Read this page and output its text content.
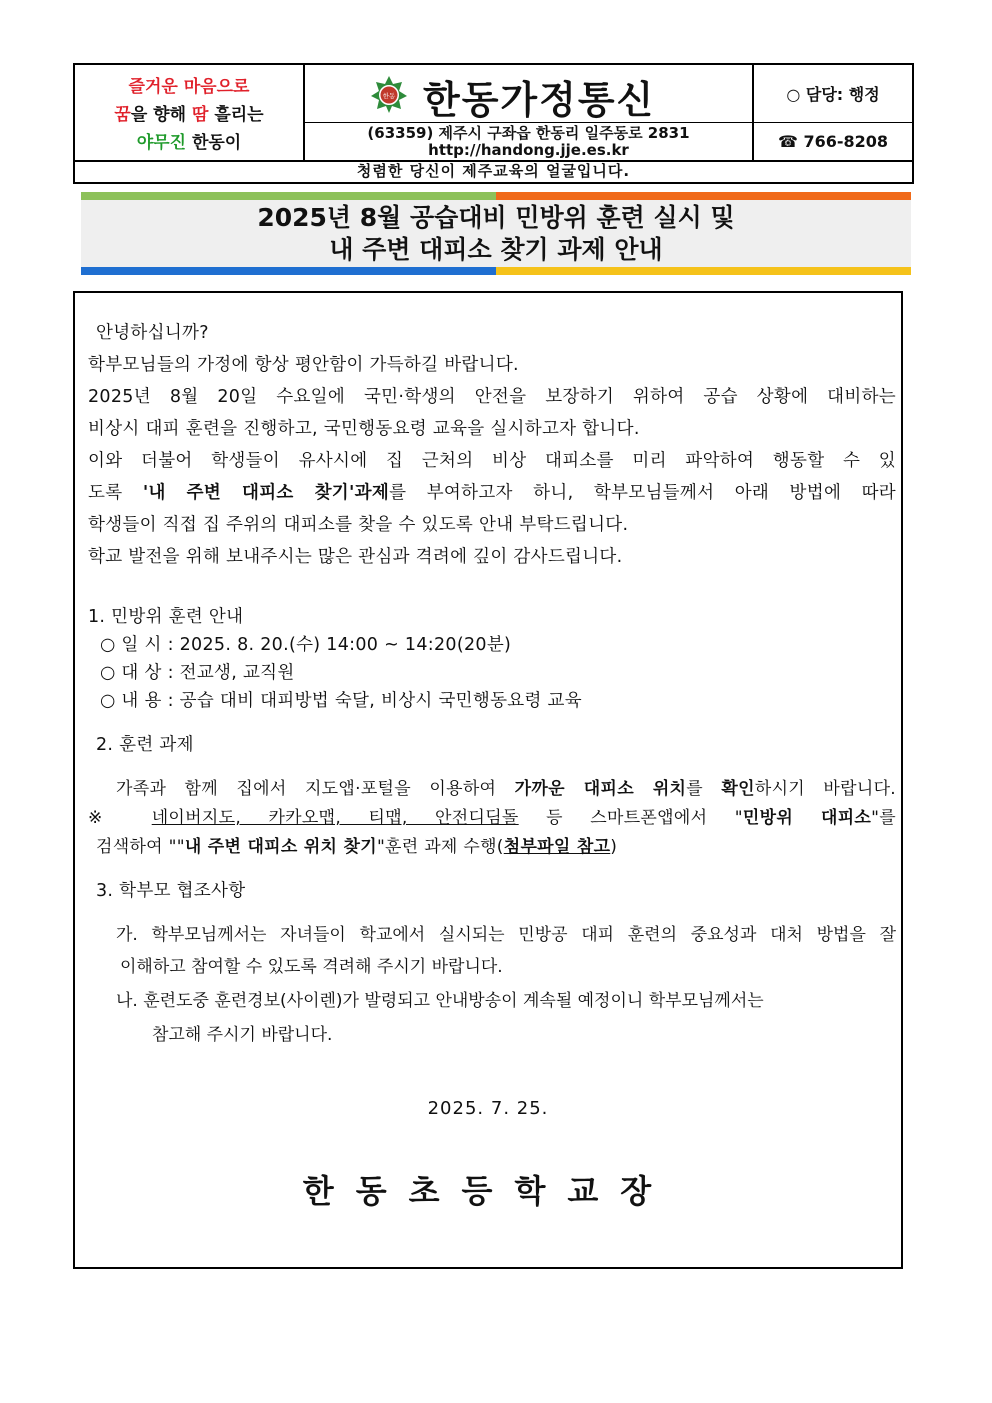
즐거운 마음으로
꿈을 향해 땀 흘리는
야무진 한동이
한동 한동가정통신
(63359) 제주시 구좌읍 한동리 일주동로 2831
http://handong.jje.es.kr
○ 담당: 행정
☎ 766-8208
청렴한 당신이 제주교육의 얼굴입니다.
2025년 8월 공습대비 민방위 훈련 실시 및
내 주변 대피소 찾기 과제 안내
안녕하십니까?
학부모님들의 가정에 항상 평안함이 가득하길 바랍니다.
2025년 8월 20일 수요일에 국민·학생의 안전을 보장하기 위하여 공습 상황에 대비하는
비상시 대피 훈련을 진행하고, 국민행동요령 교육을 실시하고자 합니다.
이와 더불어 학생들이 유사시에 집 근처의 비상 대피소를 미리 파악하여 행동할 수 있
도록 '내 주변 대피소 찾기'과제를 부여하고자 하니, 학부모님들께서 아래 방법에 따라
학생들이 직접 집 주위의 대피소를 찾을 수 있도록 안내 부탁드립니다.
학교 발전을 위해 보내주시는 많은 관심과 격려에 깊이 감사드립니다.
1. 민방위 훈련 안내
○ 일 시 : 2025. 8. 20.(수) 14:00 ~ 14:20(20분)
○ 대 상 : 전교생, 교직원
○ 내 용 : 공습 대비 대피방법 숙달, 비상시 국민행동요령 교육
2. 훈련 과제
가족과 함께 집에서 지도앱·포털을 이용하여 가까운 대피소 위치를 확인하시기 바랍니다.
※ 네이버지도, 카카오맵, 티맵, 안전디딤돌 등 스마트폰앱에서 "민방위 대피소"를
검색하여 ""내 주변 대피소 위치 찾기"훈련 과제 수행(첨부파일 참고)
3. 학부모 협조사항
가. 학부모님께서는 자녀들이 학교에서 실시되는 민방공 대피 훈련의 중요성과 대처 방법을 잘
이해하고 참여할 수 있도록 격려해 주시기 바랍니다.
나. 훈련도중 훈련경보(사이렌)가 발령되고 안내방송이 계속될 예정이니 학부모님께서는
참고해 주시기 바랍니다.
2025. 7. 25.
한동초등학교장
